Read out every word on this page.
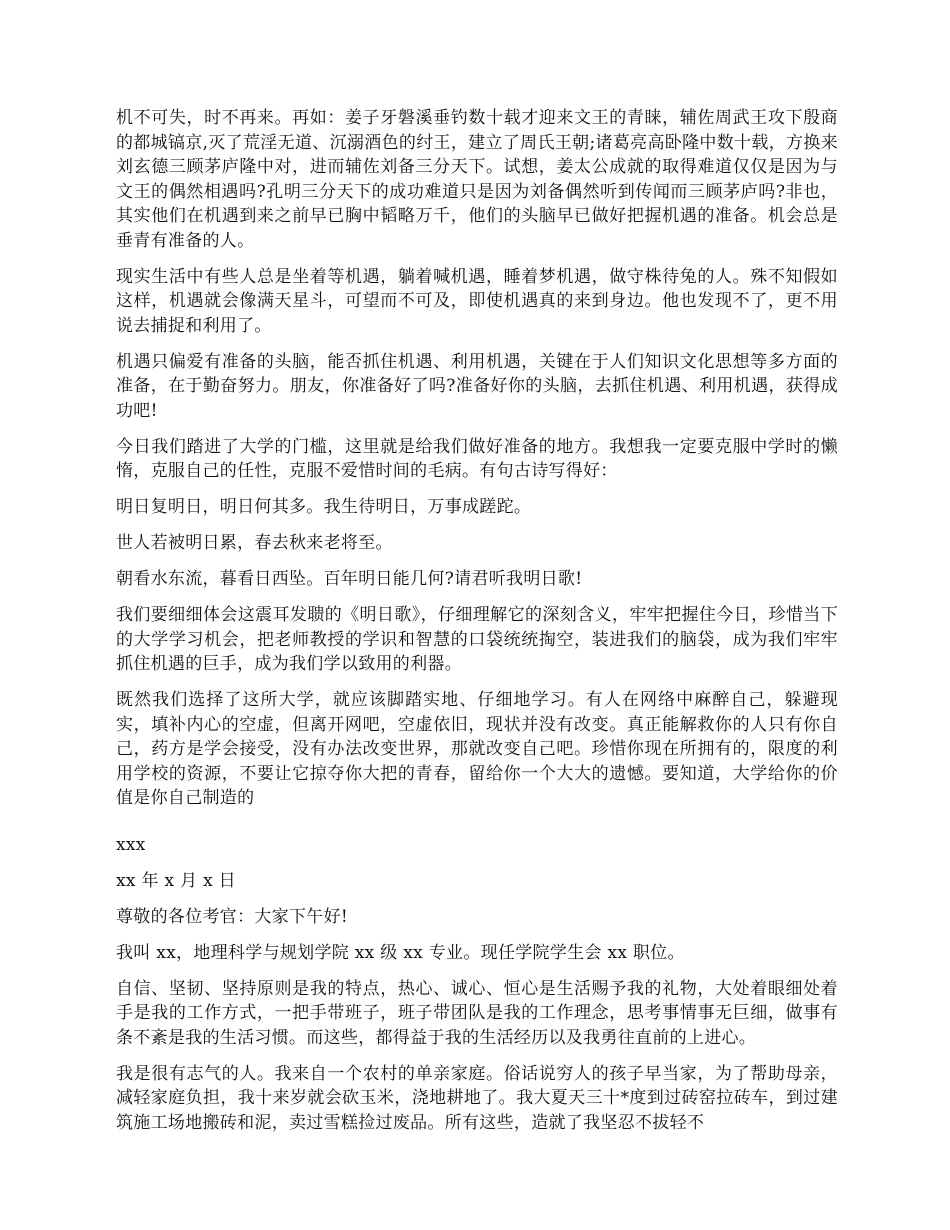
机不可失，时不再来。再如：姜子牙磐溪垂钓数十载才迎来文王的青睐，辅佐周武王攻下殷商的都城镐京,灭了荒淫无道、沉溺酒色的纣王，建立了周氏王朝;诸葛亮高卧隆中数十载，方换来刘玄德三顾茅庐隆中对，进而辅佐刘备三分天下。试想，姜太公成就的取得难道仅仅是因为与文王的偶然相遇吗?孔明三分天下的成功难道只是因为刘备偶然听到传闻而三顾茅庐吗?非也，其实他们在机遇到来之前早已胸中韬略万千，他们的头脑早已做好把握机遇的准备。机会总是垂青有准备的人。

现实生活中有些人总是坐着等机遇，躺着喊机遇，睡着梦机遇，做守株待兔的人。殊不知假如这样，机遇就会像满天星斗，可望而不可及，即使机遇真的来到身边。他也发现不了，更不用说去捕捉和利用了。

机遇只偏爱有准备的头脑，能否抓住机遇、利用机遇，关键在于人们知识文化思想等多方面的准备，在于勤奋努力。朋友，你准备好了吗?准备好你的头脑，去抓住机遇、利用机遇，获得成功吧!

今日我们踏进了大学的门槛，这里就是给我们做好准备的地方。我想我一定要克服中学时的懒惰，克服自己的任性，克服不爱惜时间的毛病。有句古诗写得好：

明日复明日，明日何其多。我生待明日，万事成蹉跎。

世人若被明日累，春去秋来老将至。

朝看水东流，暮看日西坠。百年明日能几何?请君听我明日歌!

我们要细细体会这震耳发聩的《明日歌》，仔细理解它的深刻含义，牢牢把握住今日，珍惜当下的大学学习机会，把老师教授的学识和智慧的口袋统统掏空，装进我们的脑袋，成为我们牢牢抓住机遇的巨手，成为我们学以致用的利器。

既然我们选择了这所大学，就应该脚踏实地、仔细地学习。有人在网络中麻醉自己，躲避现实，填补内心的空虚，但离开网吧，空虚依旧，现状并没有改变。真正能解救你的人只有你自己，药方是学会接受，没有办法改变世界，那就改变自己吧。珍惜你现在所拥有的，限度的利用学校的资源，不要让它掠夺你大把的青春，留给你一个大大的遗憾。要知道，大学给你的价值是你自己制造的

xxx

xx 年 x 月 x 日

尊敬的各位考官：大家下午好!

我叫 xx，地理科学与规划学院 xx 级 xx 专业。现任学院学生会 xx 职位。

自信、坚韧、坚持原则是我的特点，热心、诚心、恒心是生活赐予我的礼物，大处着眼细处着手是我的工作方式，一把手带班子，班子带团队是我的工作理念，思考事情事无巨细，做事有条不紊是我的生活习惯。而这些，都得益于我的生活经历以及我勇往直前的上进心。

我是很有志气的人。我来自一个农村的单亲家庭。俗话说穷人的孩子早当家，为了帮助母亲，减轻家庭负担，我十来岁就会砍玉米，浇地耕地了。我大夏天三十*度到过砖窑拉砖车，到过建筑施工场地搬砖和泥，卖过雪糕捡过废品。所有这些，造就了我坚忍不拔轻不
